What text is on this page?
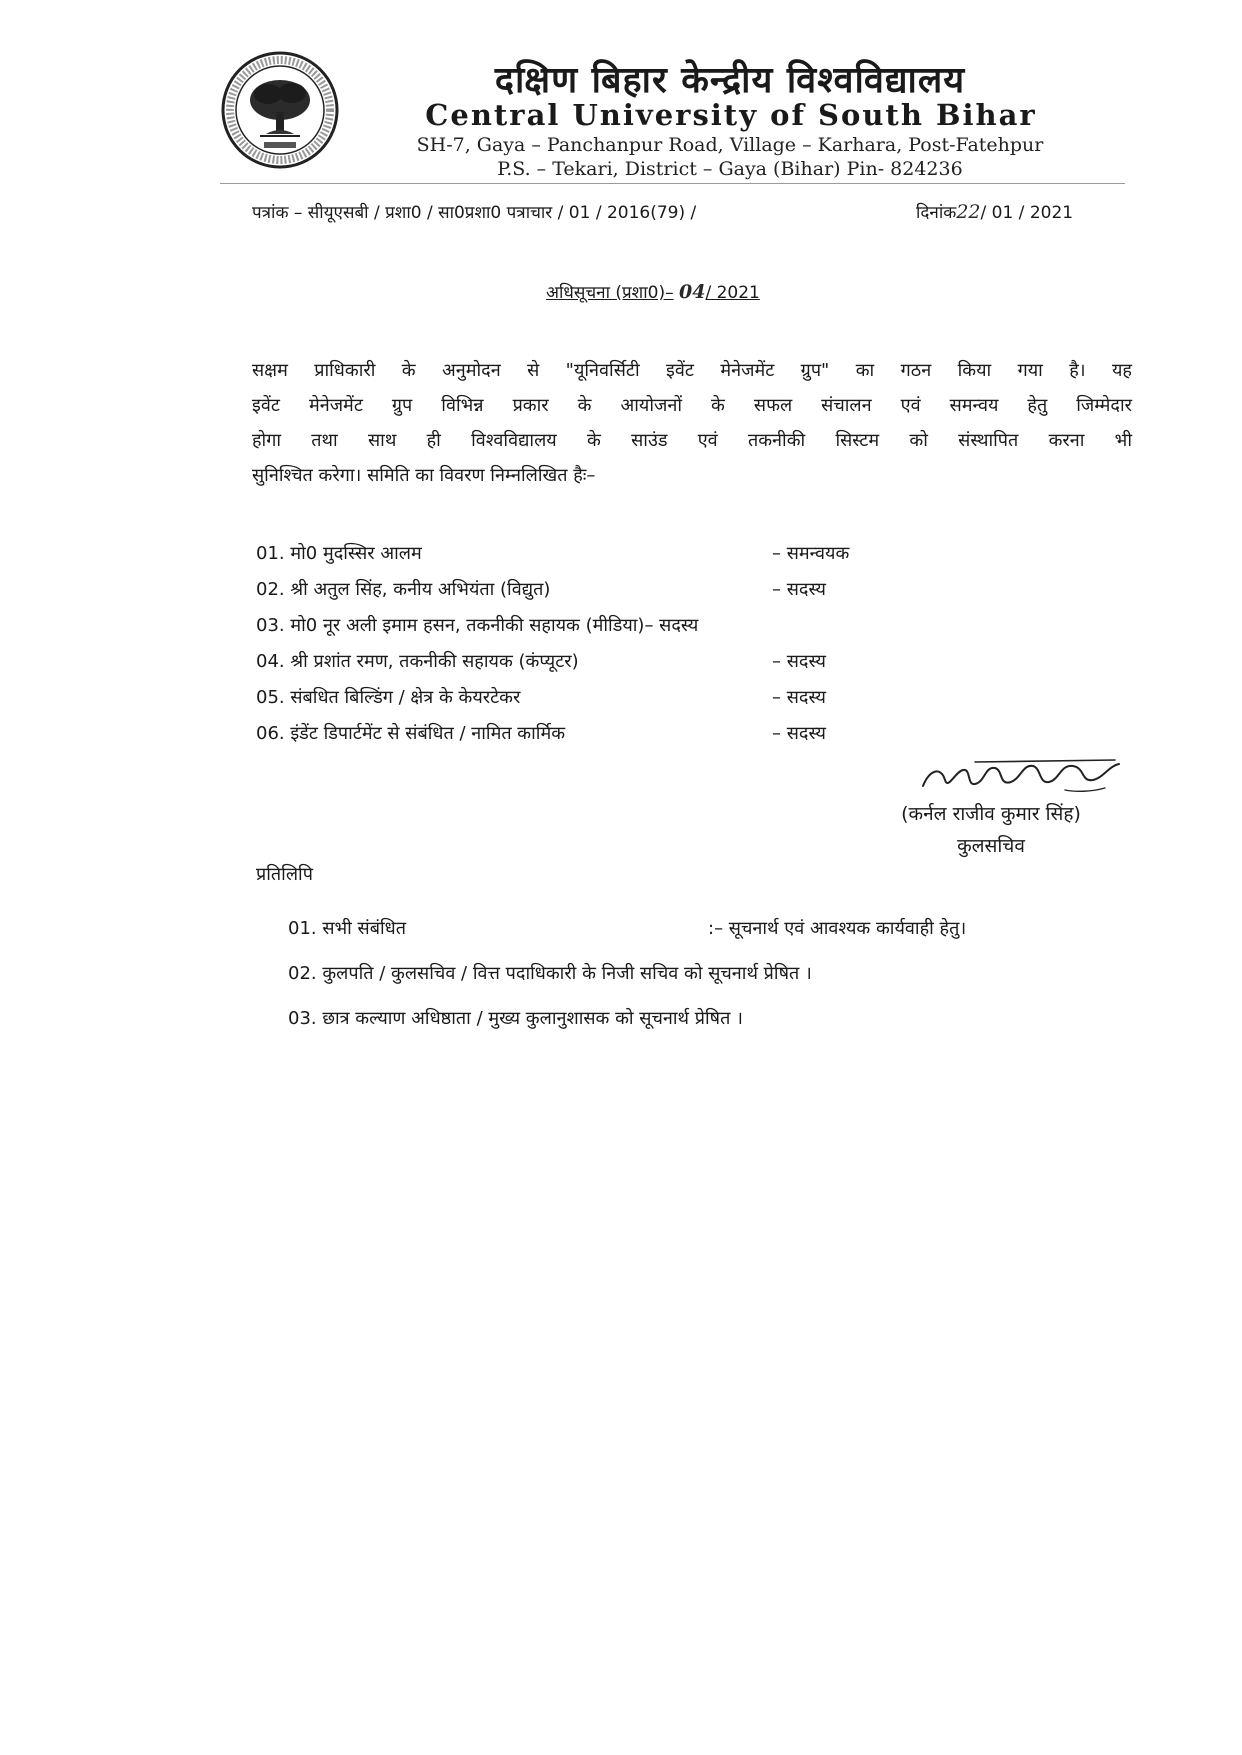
दक्षिण बिहार केन्द्रीय विश्वविद्यालय
Central University of South Bihar
SH-7, Gaya – Panchanpur Road, Village – Karhara, Post-Fatehpur
P.S. – Tekari, District – Gaya (Bihar) Pin- 824236
पत्रांक – सीयूएसबी / प्रशा0 / सा0प्रशा0 पत्राचार / 01 / 2016(79) /	दिनांक22/ 01 / 2021
अधिसूचना (प्रशा0)– 04/ 2021
सक्षम प्राधिकारी के अनुमोदन से "यूनिवर्सिटी इवेंट मेनेजमेंट ग्रुप" का गठन किया गया है। यह
इवेंट मेनेजमेंट ग्रुप विभिन्न प्रकार के आयोजनों के सफल संचालन एवं समन्वय हेतु जिम्मेदार
होगा तथा साथ ही विश्वविद्यालय के साउंड एवं तकनीकी सिस्टम को संस्थापित करना भी
सुनिश्चित करेगा। समिति का विवरण निम्नलिखित हैः–
01. मो0 मुदस्सिर आलम	– समन्वयक
02. श्री अतुल सिंह, कनीय अभियंता (विद्युत)	– सदस्य
03. मो0 नूर अली इमाम हसन, तकनीकी सहायक (मीडिया)– सदस्य
04. श्री प्रशांत रमण, तकनीकी सहायक (कंप्यूटर)	– सदस्य
05. संबधित बिल्डिंग / क्षेत्र के केयरटेकर	– सदस्य
06. इंडेंट डिपार्टमेंट से संबंधित / नामित कार्मिक	– सदस्य
(कर्नल राजीव कुमार सिंह)
कुलसचिव
प्रतिलिपि
01. सभी संबंधित	:– सूचनार्थ एवं आवश्यक कार्यवाही हेतु।
02. कुलपति / कुलसचिव / वित्त पदाधिकारी के निजी सचिव को सूचनार्थ प्रेषित ।
03. छात्र कल्याण अधिष्ठाता / मुख्य कुलानुशासक को सूचनार्थ प्रेषित ।
